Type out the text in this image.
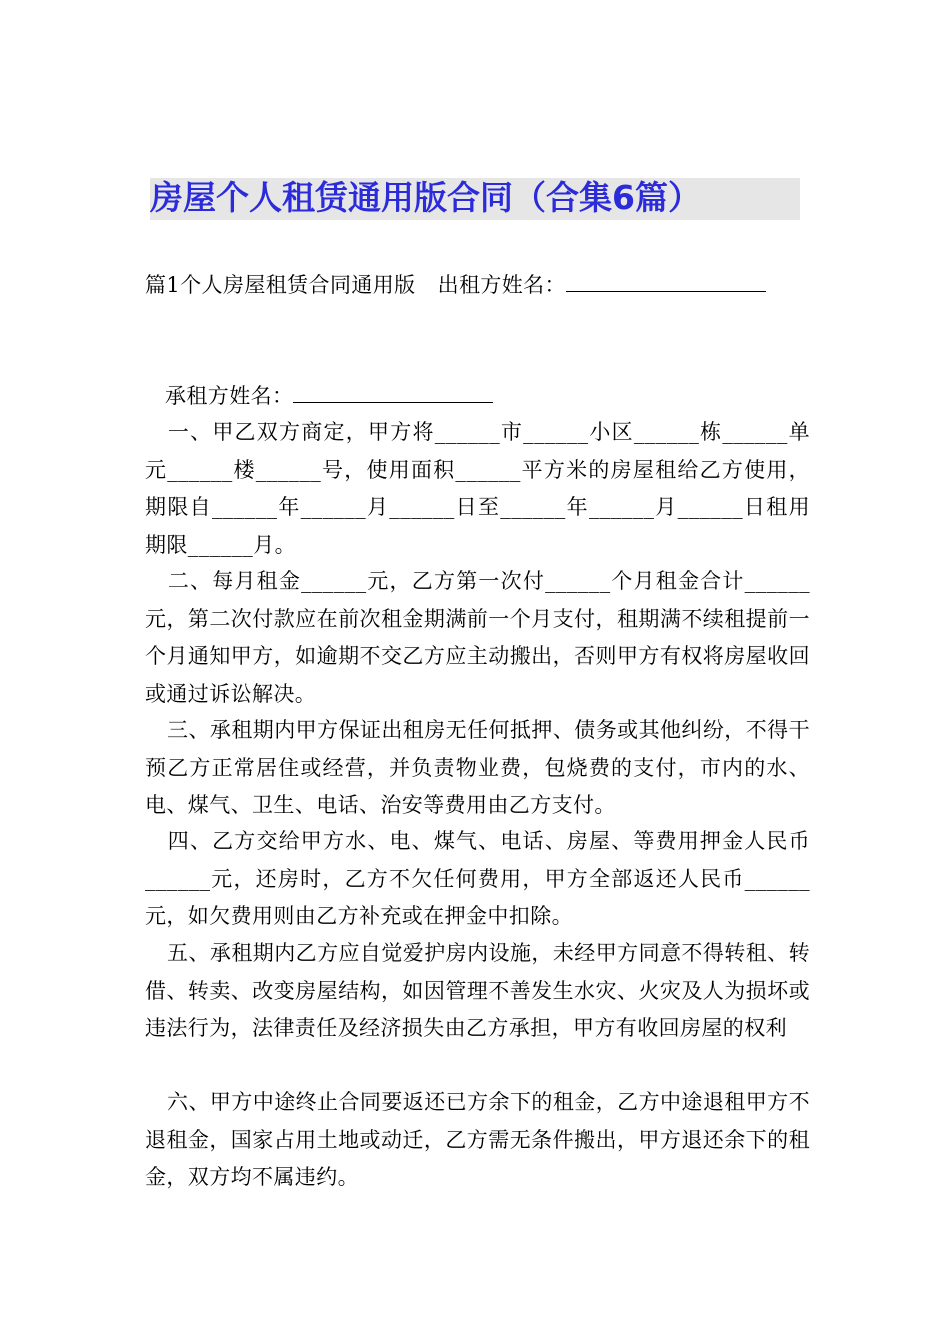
房屋个人租赁通用版合同（合集6篇）
篇1个人房屋租赁合同通用版 出租方姓名：
承租方姓名：
一、甲乙双方商定，甲方将______市______小区______栋______单元______楼______号，使用面积______平方米的房屋租给乙方使用，期限自______年______月______日至______年______月______日租用期限______月。
二、每月租金______元，乙方第一次付______个月租金合计______元，第二次付款应在前次租金期满前一个月支付，租期满不续租提前一个月通知甲方，如逾期不交乙方应主动搬出，否则甲方有权将房屋收回或通过诉讼解决。
三、承租期内甲方保证出租房无任何抵押、债务或其他纠纷，不得干预乙方正常居住或经营，并负责物业费，包烧费的支付，市内的水、电、煤气、卫生、电话、治安等费用由乙方支付。
四、乙方交给甲方水、电、煤气、电话、房屋、等费用押金人民币______元，还房时，乙方不欠任何费用，甲方全部返还人民币______元，如欠费用则由乙方补充或在押金中扣除。
五、承租期内乙方应自觉爱护房内设施，未经甲方同意不得转租、转借、转卖、改变房屋结构，如因管理不善发生水灾、火灾及人为损坏或违法行为，法律责任及经济损失由乙方承担，甲方有收回房屋的权利
六、甲方中途终止合同要返还已方余下的租金，乙方中途退租甲方不退租金，国家占用土地或动迁，乙方需无条件搬出，甲方退还余下的租金，双方均不属违约。
